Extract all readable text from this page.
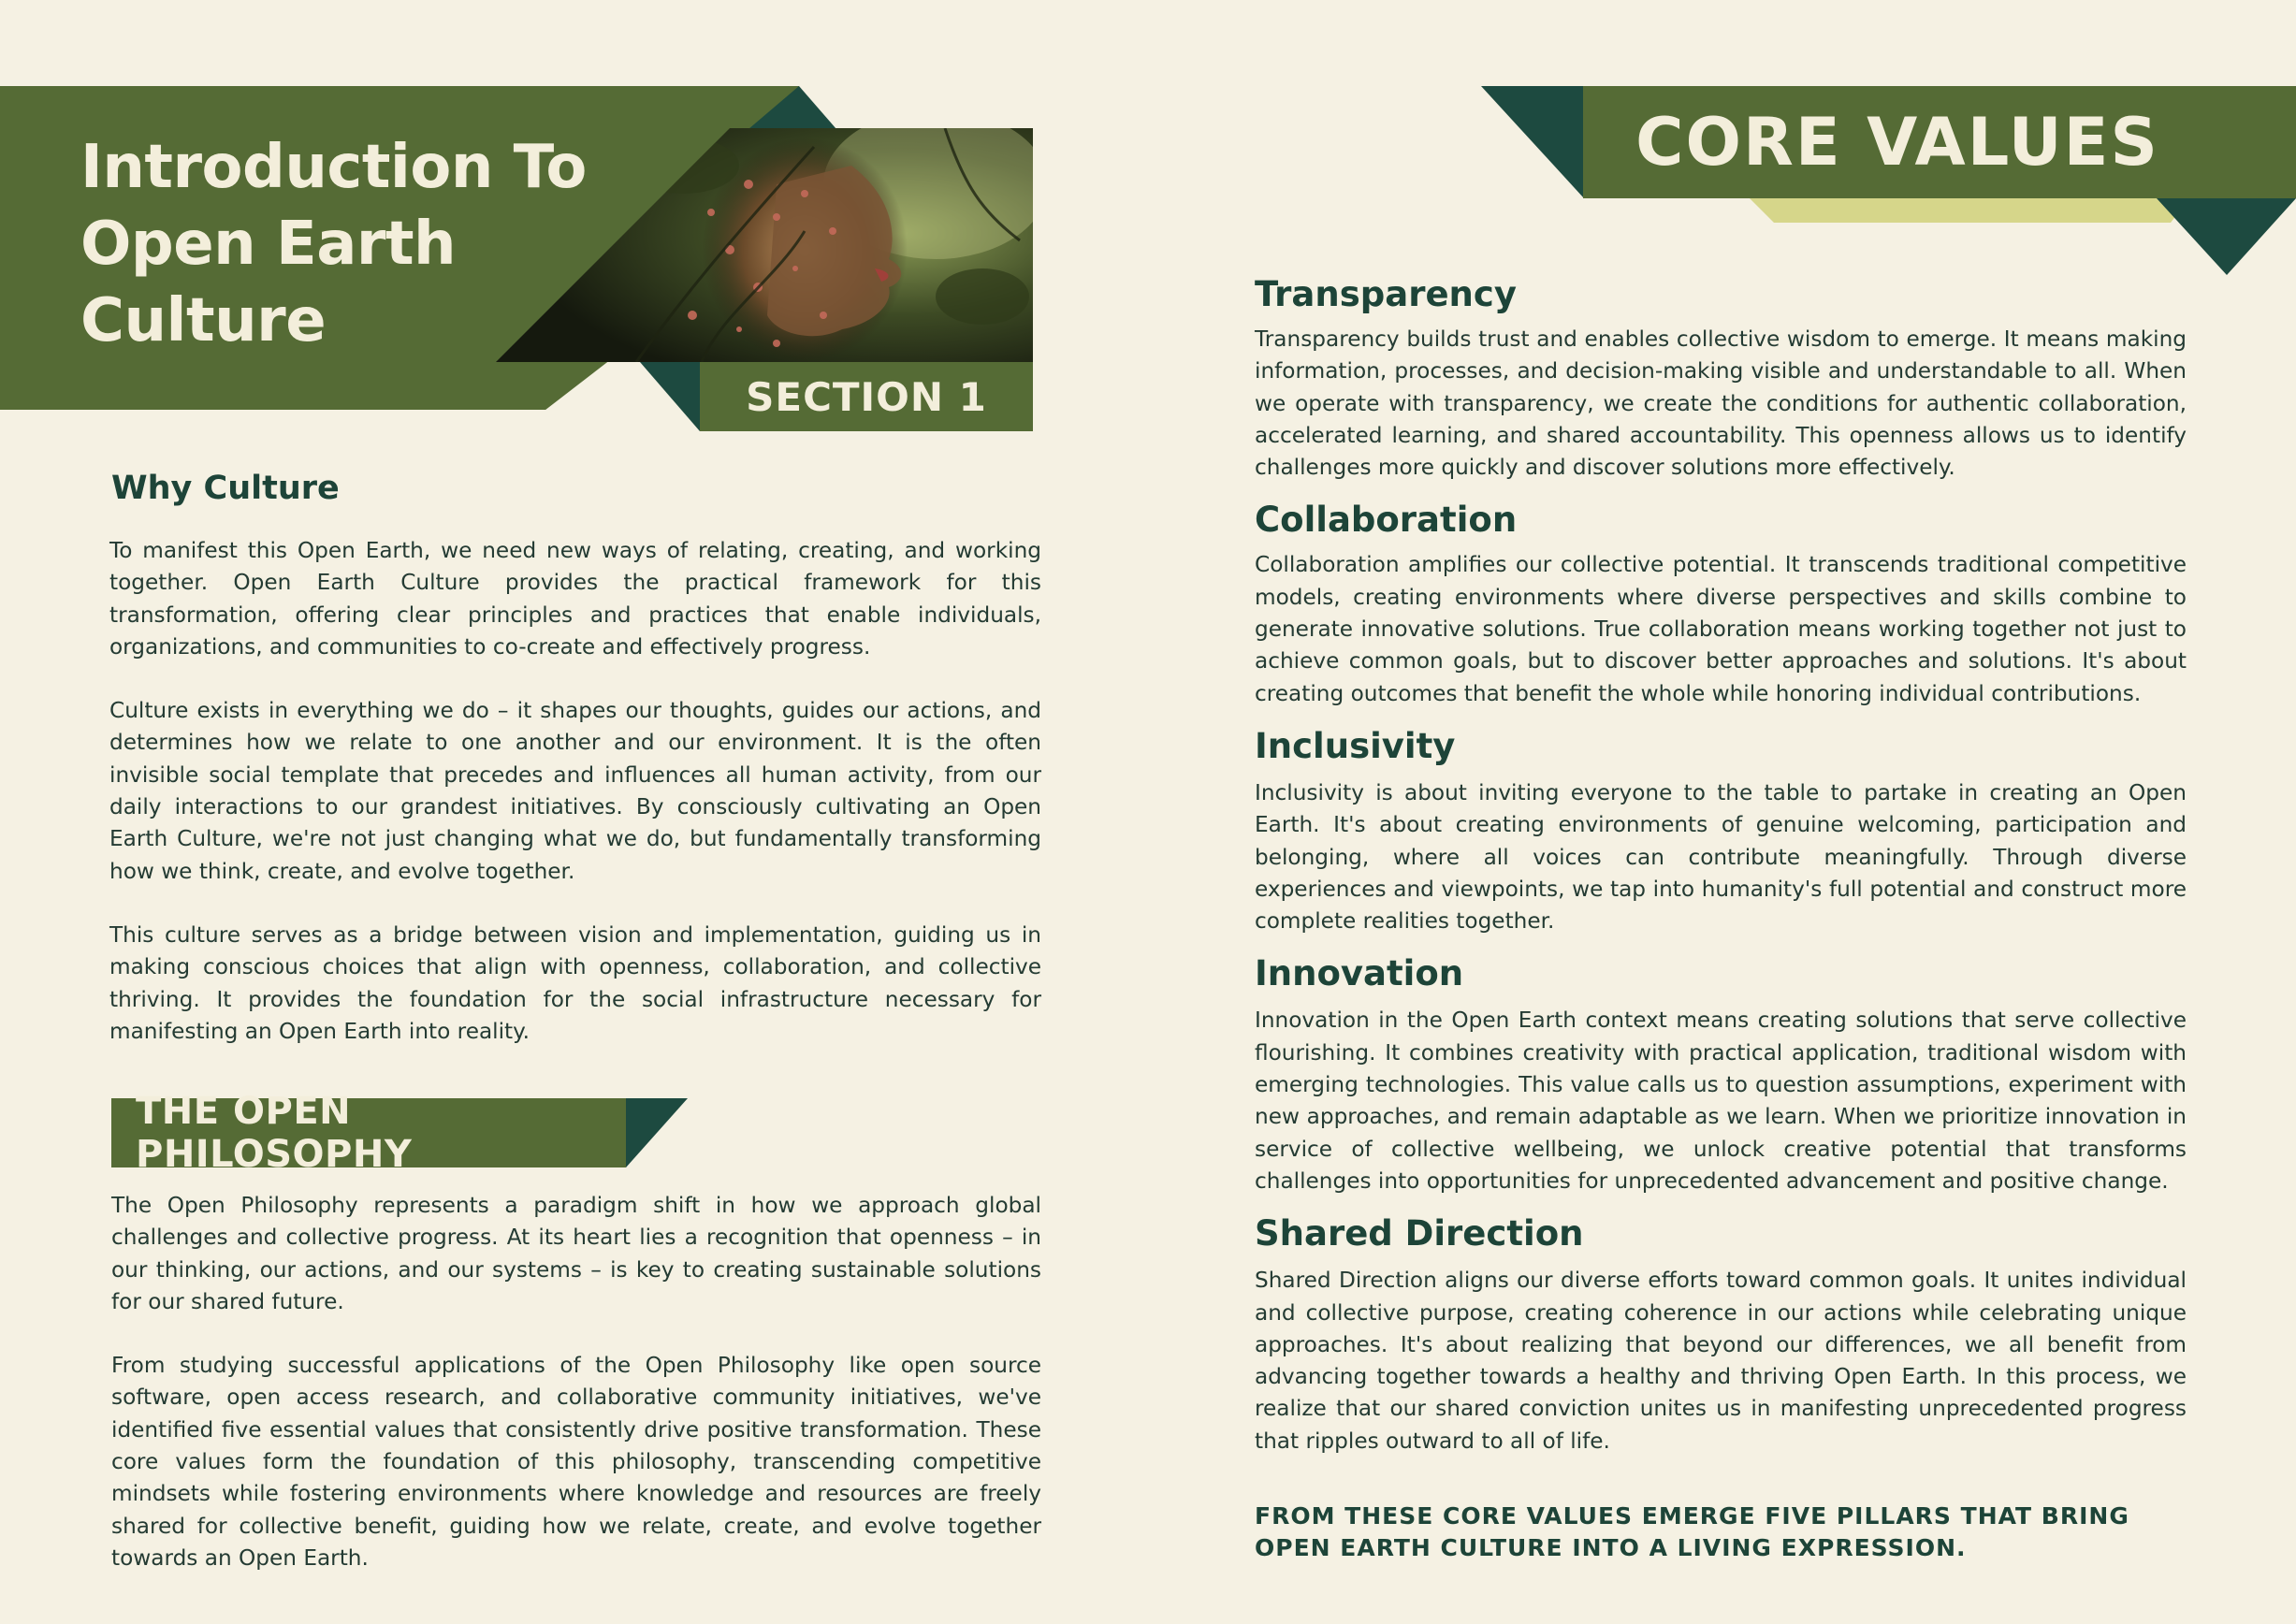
Introduction To
Open Earth
Culture
SECTION 1
Why Culture

To manifest this Open Earth, we need new ways of relating, creating, and working together. Open Earth Culture provides the practical framework for this transformation, offering clear principles and practices that enable individuals, organizations, and communities to co-create and effectively progress.

Culture exists in everything we do – it shapes our thoughts, guides our actions, and determines how we relate to one another and our environment. It is the often invisible social template that precedes and influences all human activity, from our daily interactions to our grandest initiatives. By consciously cultivating an Open Earth Culture, we're not just changing what we do, but fundamentally transforming how we think, create, and evolve together.

This culture serves as a bridge between vision and implementation, guiding us in making conscious choices that align with openness, collaboration, and collective thriving. It provides the foundation for the social infrastructure necessary for manifesting an Open Earth into reality.

THE OPEN PHILOSOPHY

The Open Philosophy represents a paradigm shift in how we approach global challenges and collective progress. At its heart lies a recognition that openness – in our thinking, our actions, and our systems – is key to creating sustainable solutions for our shared future.

From studying successful applications of the Open Philosophy like open source software, open access research, and collaborative community initiatives, we've identified five essential values that consistently drive positive transformation. These core values form the foundation of this philosophy, transcending competitive mindsets while fostering environments where knowledge and resources are freely shared for collective benefit, guiding how we relate, create, and evolve together towards an Open Earth.

CORE VALUES
Transparency

Transparency builds trust and enables collective wisdom to emerge. It means making information, processes, and decision-making visible and understandable to all. When we operate with transparency, we create the conditions for authentic collaboration, accelerated learning, and shared accountability. This openness allows us to identify challenges more quickly and discover solutions more effectively.

Collaboration

Collaboration amplifies our collective potential. It transcends traditional competitive models, creating environments where diverse perspectives and skills combine to generate innovative solutions. True collaboration means working together not just to achieve common goals, but to discover better approaches and solutions. It's about creating outcomes that benefit the whole while honoring individual contributions.

Inclusivity

Inclusivity is about inviting everyone to the table to partake in creating an Open Earth. It's about creating environments of genuine welcoming, participation and belonging, where all voices can contribute meaningfully. Through diverse experiences and viewpoints, we tap into humanity's full potential and construct more complete realities together.

Innovation

Innovation in the Open Earth context means creating solutions that serve collective flourishing. It combines creativity with practical application, traditional wisdom with emerging technologies. This value calls us to question assumptions, experiment with new approaches, and remain adaptable as we learn. When we prioritize innovation in service of collective wellbeing, we unlock creative potential that transforms challenges into opportunities for unprecedented advancement and positive change.

Shared Direction

Shared Direction aligns our diverse efforts toward common goals. It unites individual and collective purpose, creating coherence in our actions while celebrating unique approaches. It's about realizing that beyond our differences, we all benefit from advancing together towards a healthy and thriving Open Earth. In this process, we realize that our shared conviction unites us in manifesting unprecedented progress that ripples outward to all of life.

FROM THESE CORE VALUES EMERGE FIVE PILLARS THAT BRING OPEN EARTH CULTURE INTO A LIVING EXPRESSION.
